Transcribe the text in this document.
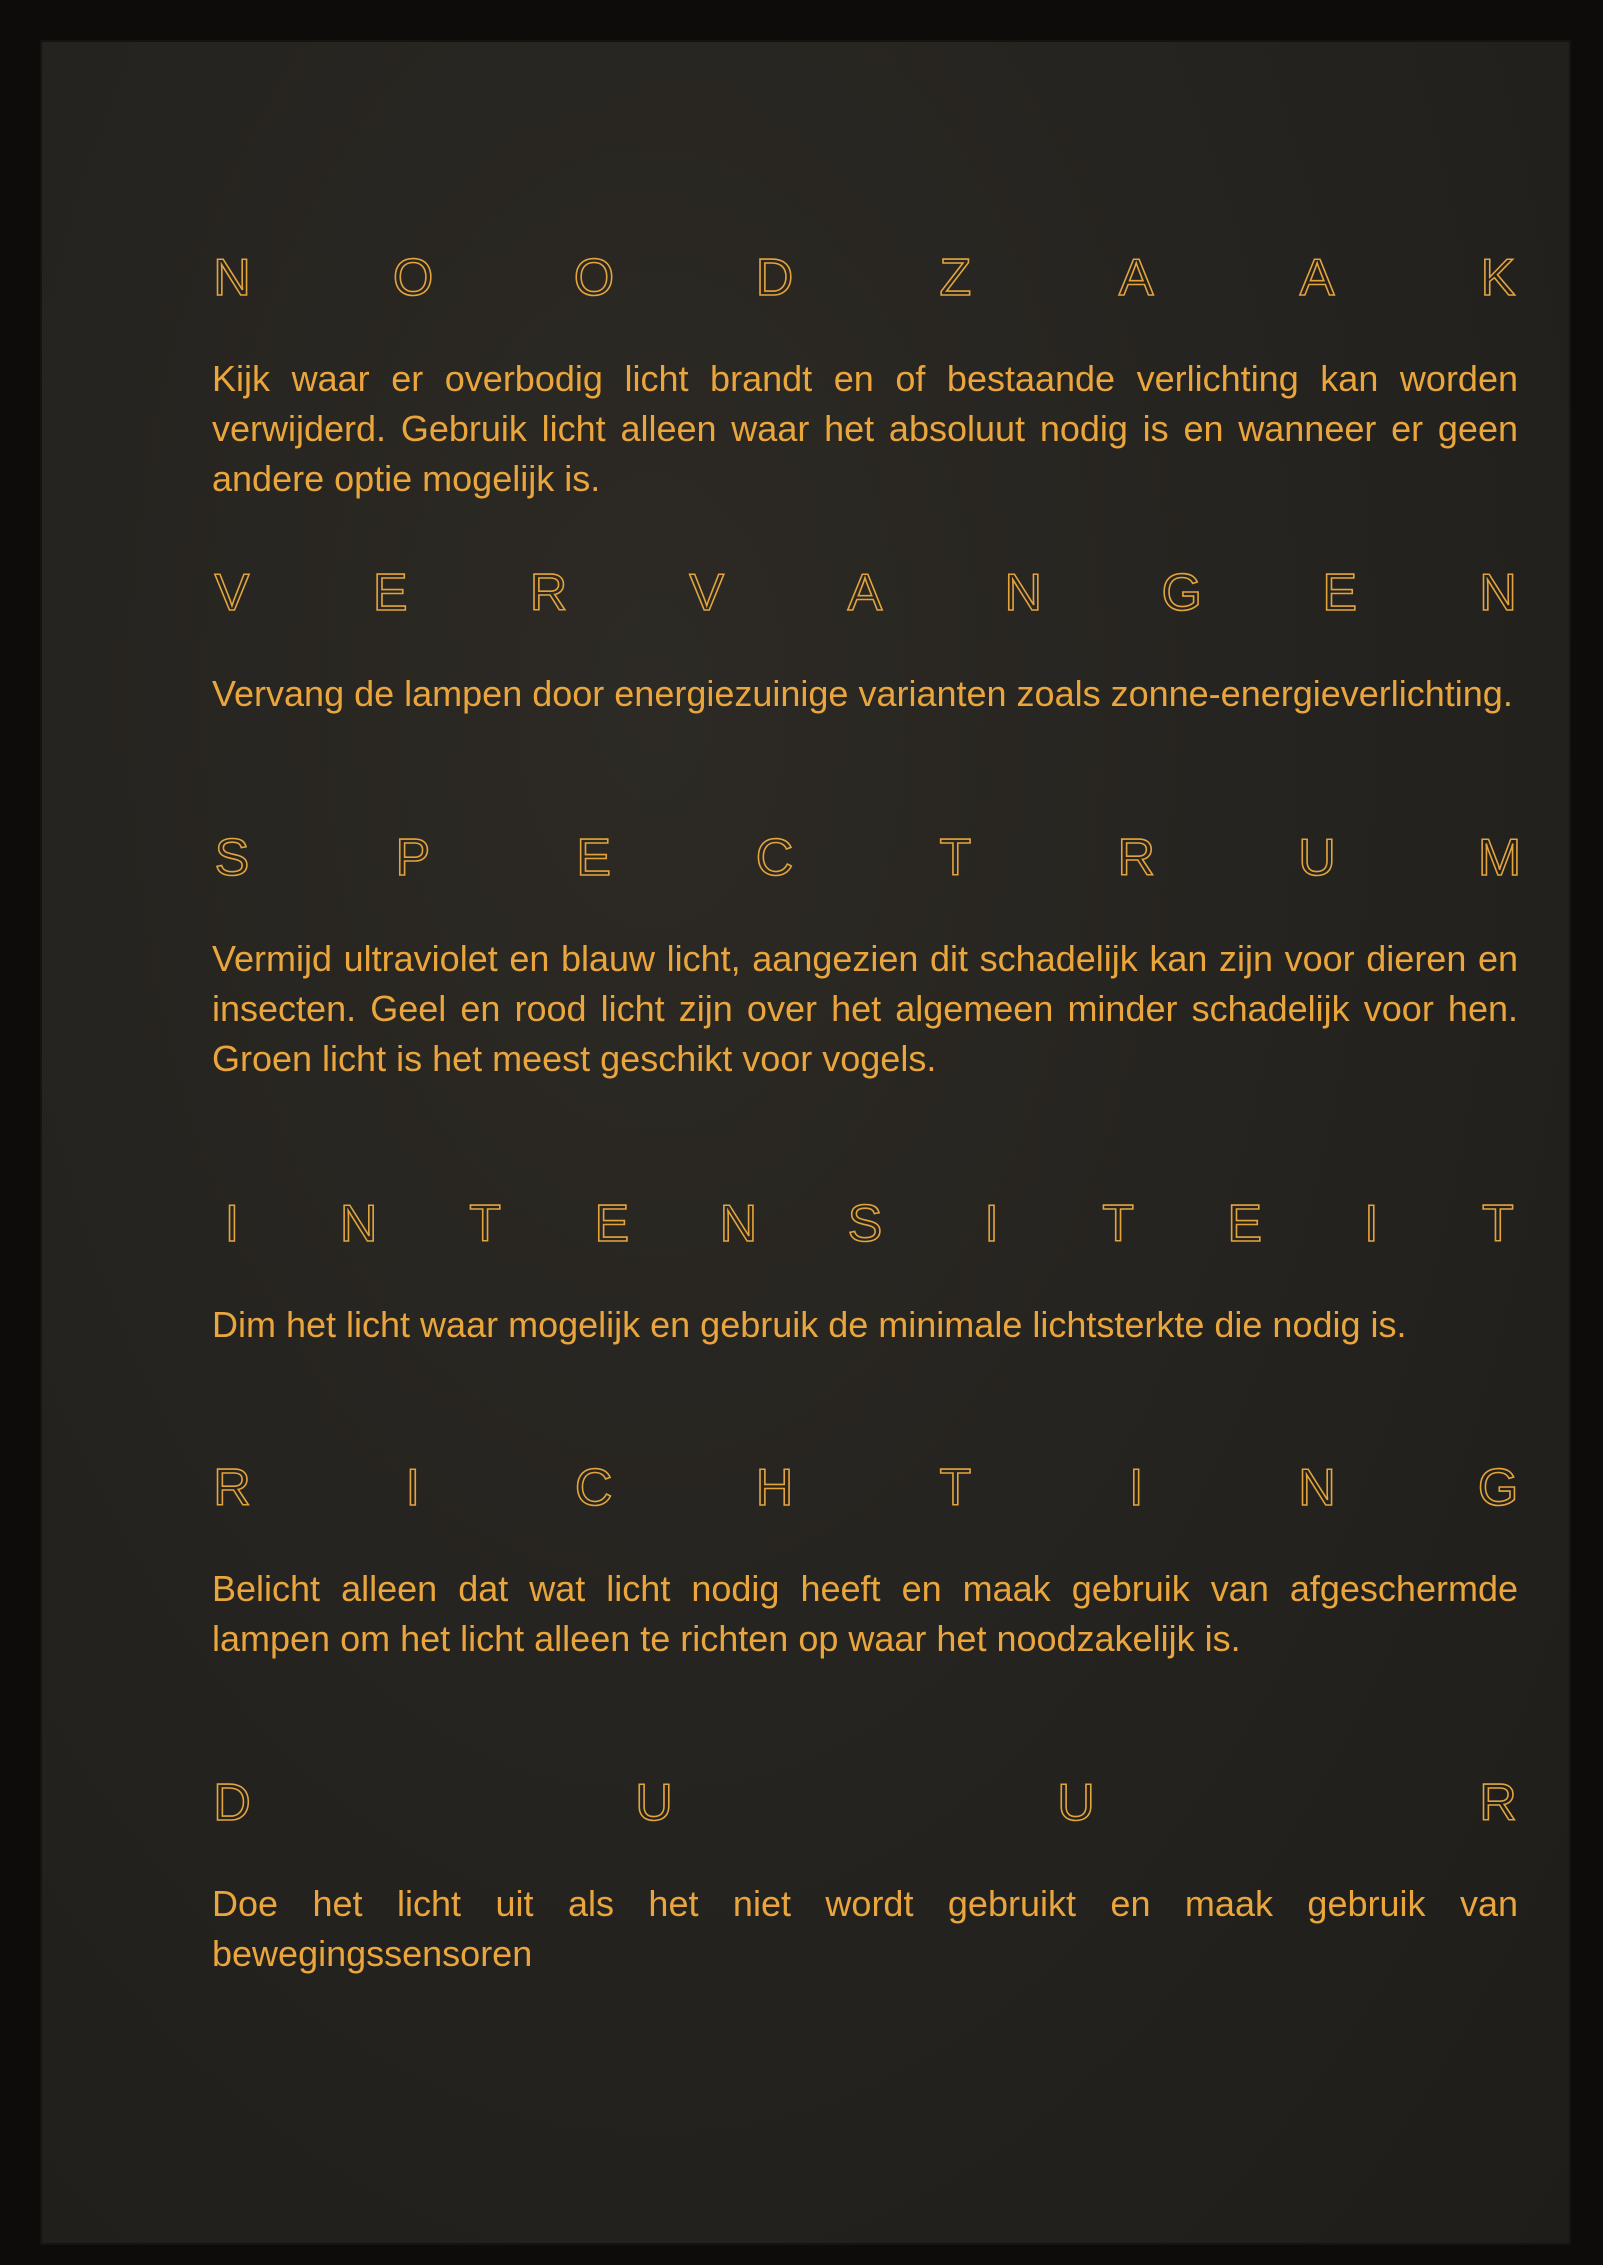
N	O	O	D	Z	A	A	K

Kijk waar er overbodig licht brandt en of bestaande verlichting kan worden verwijderd. Gebruik licht alleen waar het absoluut nodig is en wanneer er geen andere optie mogelijk is.

V E R V A N G E N

Vervang de lampen door energiezuinige varianten zoals zonne-energieverlichting.

S	P	E	C	T	R	U	M

Vermijd ultraviolet en blauw licht, aangezien dit schadelijk kan zijn voor dieren en insecten. Geel en rood licht zijn over het algemeen minder schadelijk voor hen. Groen licht is het meest geschikt voor vogels.

I N T E N S I T E I T

Dim het licht waar mogelijk en gebruik de minimale lichtsterkte die nodig is.

R	I	C	H	T	I	N	G

Belicht alleen dat wat licht nodig heeft en maak gebruik van afgeschermde lampen om het licht alleen te richten op waar het noodzakelijk is.

D	U	U	R

Doe het licht uit als het niet wordt gebruikt en maak gebruik van bewegingssensoren
